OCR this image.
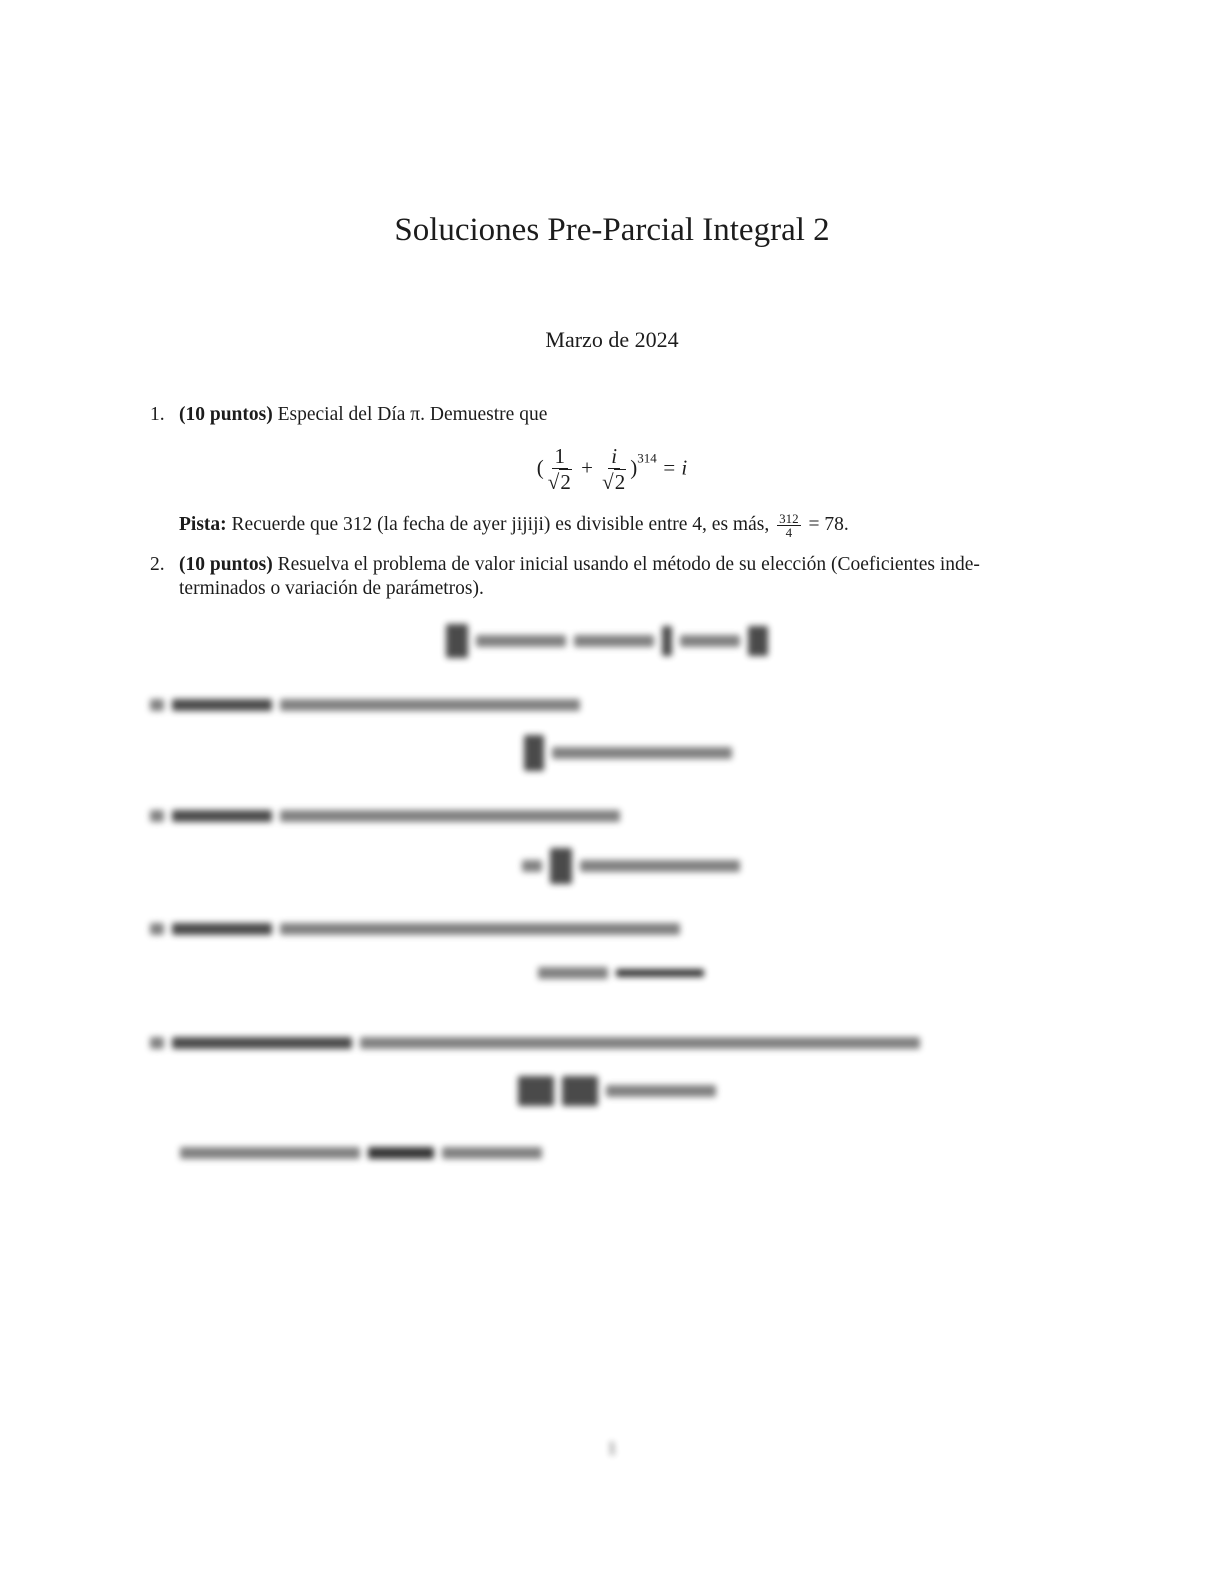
Soluciones Pre-Parcial Integral 2
Marzo de 2024
1. (10 puntos) Especial del Día π. Demuestre que
( $\frac{1}{√2} + \frac{i}{√2} )^{314} = i$
Pista: Recuerde que 312 (la fecha de ayer jijiji) es divisible entre 4, es más, $\frac{312}{4} = 78$.
2. (10 puntos) Resuelva el problema de valor inicial usando el método de su elección (Coeficientes inde- terminados o variación de parámetros).
1
